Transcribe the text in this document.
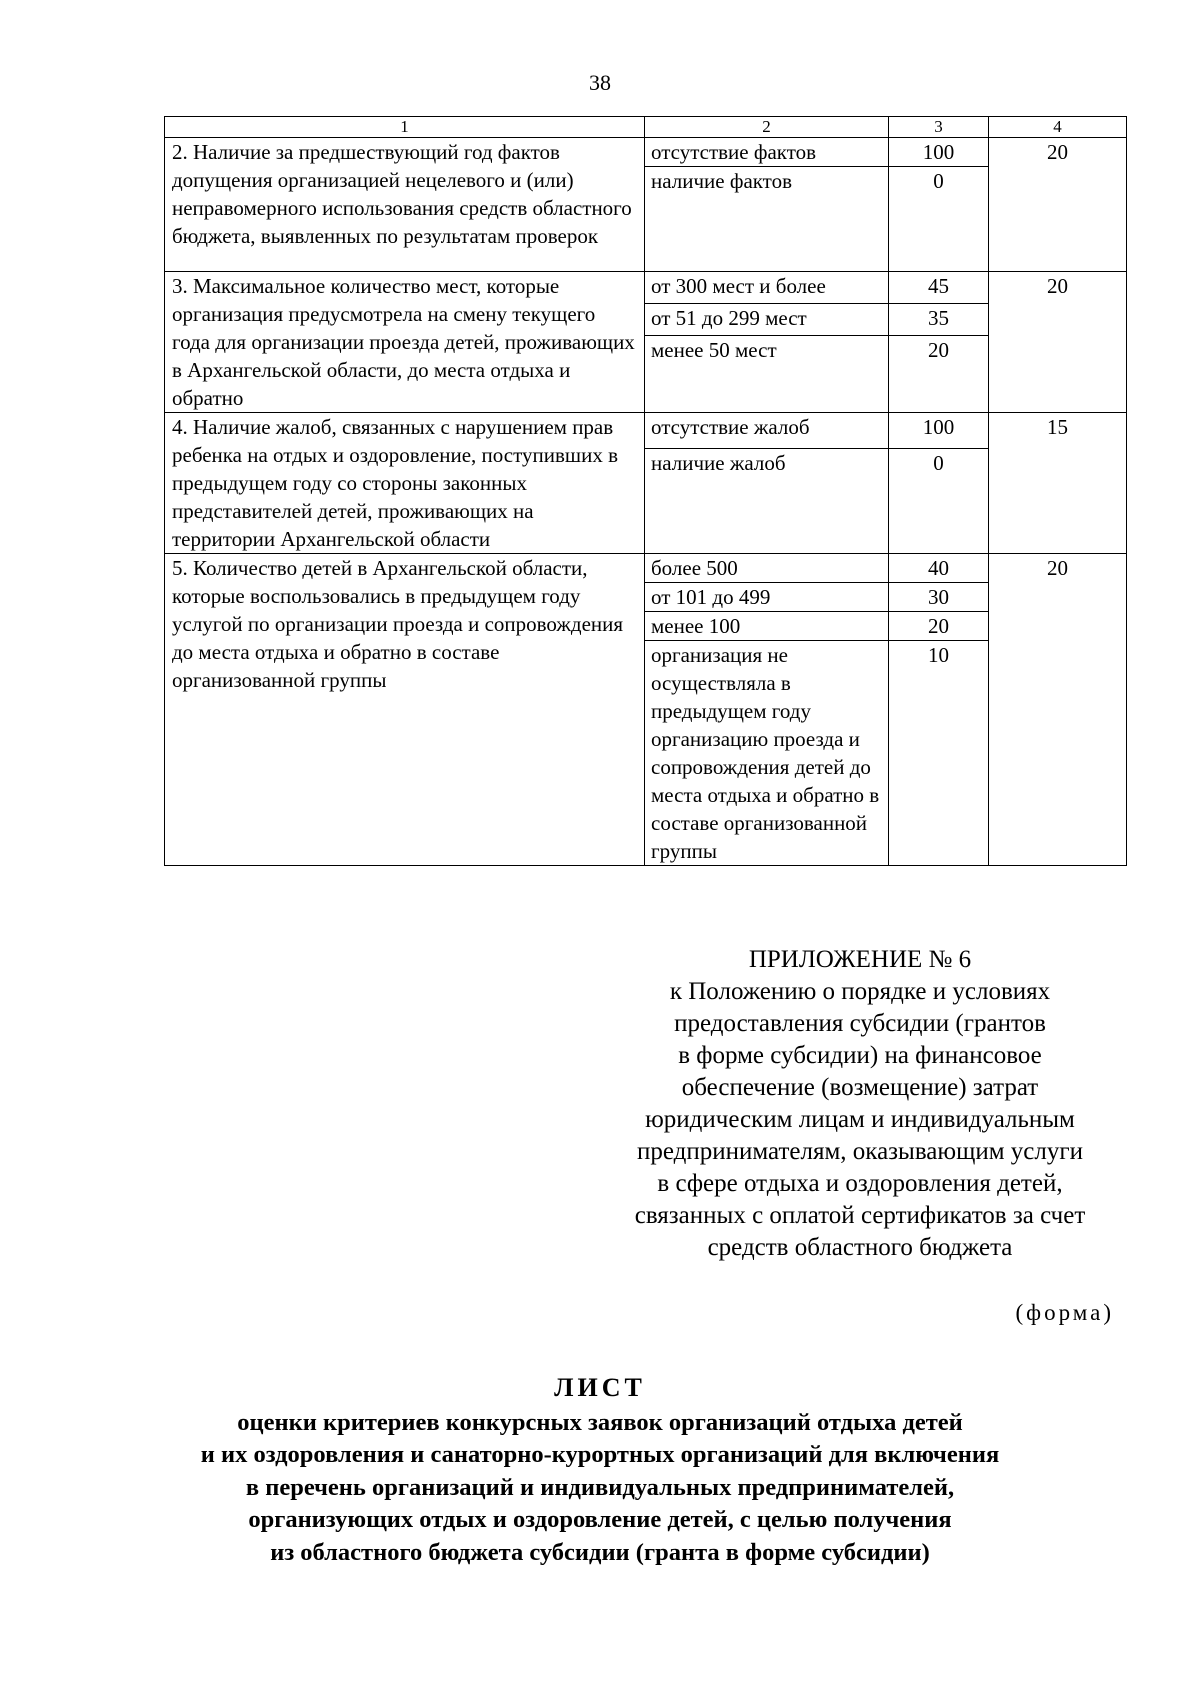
38
1	2	3	4
2. Наличие за предшествующий год фактов допущения организацией нецелевого и (или) неправомерного использования средств областного бюджета, выявленных по результатам проверок	отсутствие фактов	100	20
	наличие фактов	0	
3. Максимальное количество мест, которые организация предусмотрела на смену текущего года для организации проезда детей, проживающих в Архангельской области, до места отдыха и обратно	от 300 мест и более	45	20
	от 51 до 299 мест	35	
	менее 50 мест	20	
4. Наличие жалоб, связанных с нарушением прав ребенка на отдых и оздоровление, поступивших в предыдущем году со стороны законных представителей детей, проживающих на территории Архангельской области	отсутствие жалоб	100	15
	наличие жалоб	0	
5. Количество детей в Архангельской области, которые воспользовались в предыдущем году услугой по организации проезда и сопровождения до места отдыха и обратно в составе организованной группы	более 500	40	20
	от 101 до 499	30	
	менее 100	20	
	организация не осуществляла в предыдущем году организацию проезда и сопровождения детей до места отдыха и обратно в составе организованной группы	10	
ПРИЛОЖЕНИЕ № 6
к Положению о порядке и условиях
предоставления субсидии (грантов
в форме субсидии) на финансовое
обеспечение (возмещение) затрат
юридическим лицам и индивидуальным
предпринимателям, оказывающим услуги
в сфере отдыха и оздоровления детей,
связанных с оплатой сертификатов за счет
средств областного бюджета
(форма)
ЛИСТ
оценки критериев конкурсных заявок организаций отдыха детей
и их оздоровления и санаторно-курортных организаций для включения
в перечень организаций и индивидуальных предпринимателей,
организующих отдых и оздоровление детей, с целью получения
из областного бюджета субсидии (гранта в форме субсидии)
